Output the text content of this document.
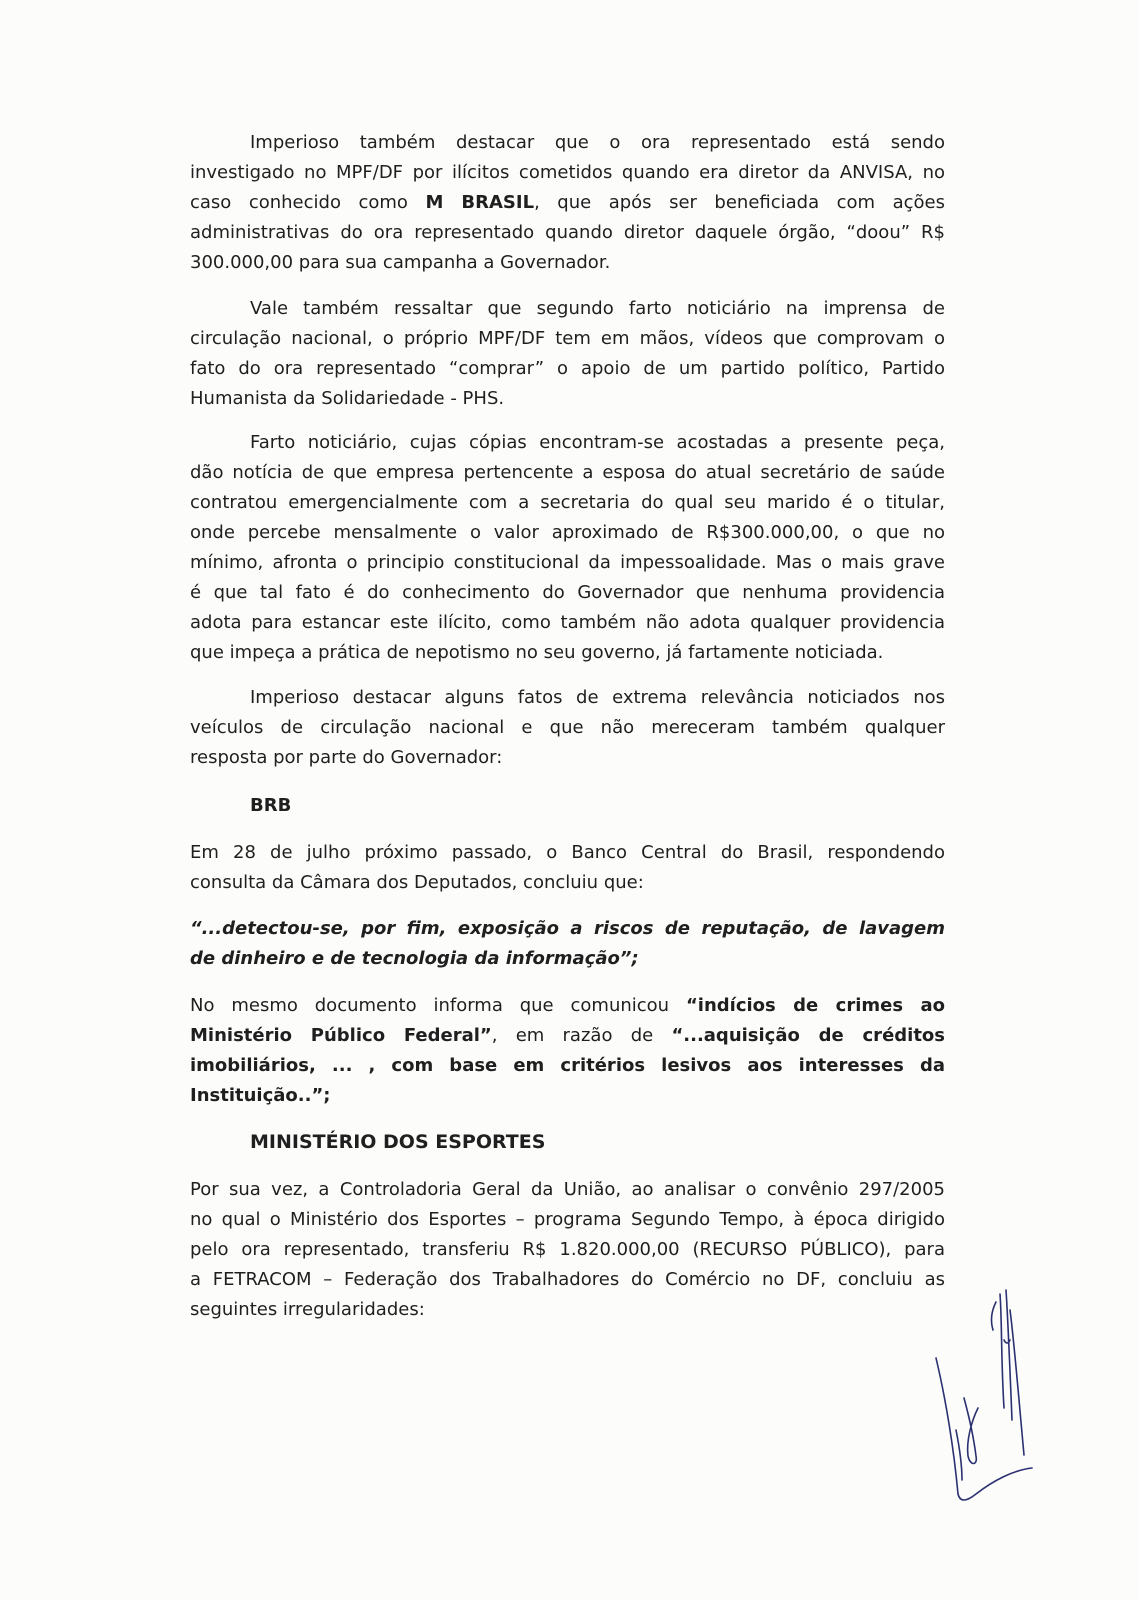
Imperioso também destacar que o ora representado está sendo
investigado no MPF/DF por ilícitos cometidos quando era diretor da ANVISA, no
caso conhecido como M BRASIL, que após ser beneficiada com ações
administrativas do ora representado quando diretor daquele órgão, “doou” R$
300.000,00 para sua campanha a Governador.
Vale também ressaltar que segundo farto noticiário na imprensa de
circulação nacional, o próprio MPF/DF tem em mãos, vídeos que comprovam o
fato do ora representado “comprar” o apoio de um partido político, Partido
Humanista da Solidariedade - PHS.
Farto noticiário, cujas cópias encontram-se acostadas a presente peça,
dão notícia de que empresa pertencente a esposa do atual secretário de saúde
contratou emergencialmente com a secretaria do qual seu marido é o titular,
onde percebe mensalmente o valor aproximado de R$300.000,00, o que no
mínimo, afronta o principio constitucional da impessoalidade. Mas o mais grave
é que tal fato é do conhecimento do Governador que nenhuma providencia
adota para estancar este ilícito, como também não adota qualquer providencia
que impeça a prática de nepotismo no seu governo, já fartamente noticiada.
Imperioso destacar alguns fatos de extrema relevância noticiados nos
veículos de circulação nacional e que não mereceram também qualquer
resposta por parte do Governador:
BRB
Em 28 de julho próximo passado, o Banco Central do Brasil, respondendo
consulta da Câmara dos Deputados, concluiu que:
“...detectou-se, por fim, exposição a riscos de reputação, de lavagem
de dinheiro e de tecnologia da informação”;
No mesmo documento informa que comunicou “indícios de crimes ao
Ministério Público Federal”, em razão de “...aquisição de créditos
imobiliários, ... , com base em critérios lesivos aos interesses da
Instituição..”;
MINISTÉRIO DOS ESPORTES
Por sua vez, a Controladoria Geral da União, ao analisar o convênio 297/2005
no qual o Ministério dos Esportes – programa Segundo Tempo, à época dirigido
pelo ora representado, transferiu R$ 1.820.000,00 (RECURSO PÚBLICO), para
a FETRACOM – Federação dos Trabalhadores do Comércio no DF, concluiu as
seguintes irregularidades:
